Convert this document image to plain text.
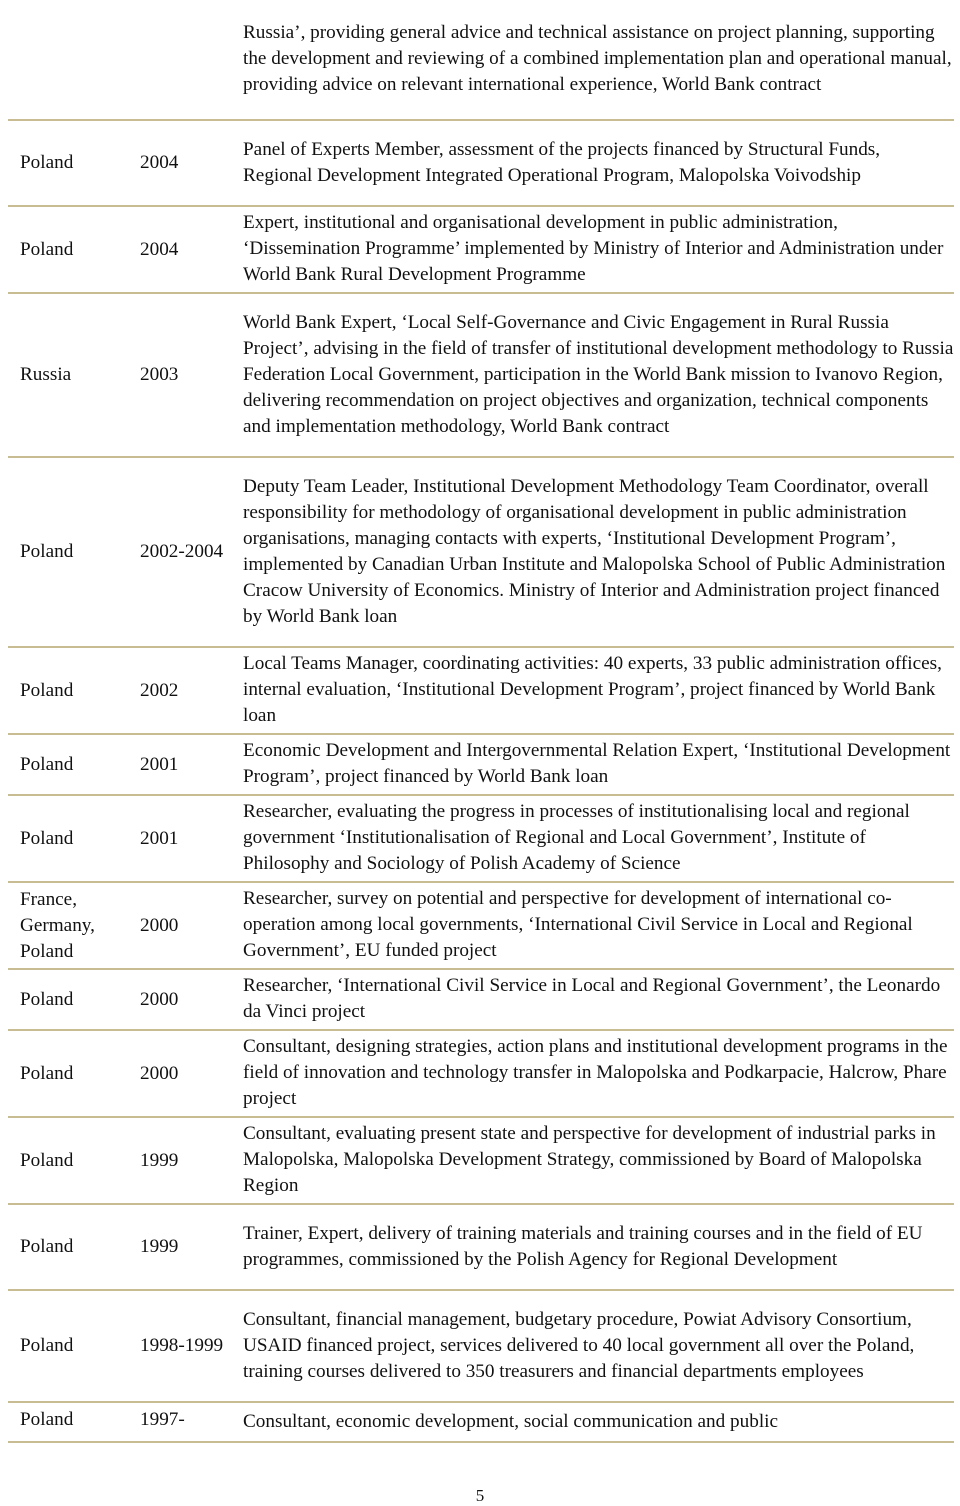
		Russia’, providing general advice and technical assistance on project planning, supporting the development and reviewing of a combined implementation plan and operational manual, providing advice on relevant international experience, World Bank contract
Poland	2004	Panel of Experts Member, assessment of the projects financed by Structural Funds, Regional Development Integrated Operational Program, Malopolska Voivodship
Poland	2004	Expert, institutional and organisational development in public administration, ‘Dissemination Programme’ implemented by Ministry of Interior and Administration under World Bank Rural Development Programme
Russia	2003	World Bank Expert, ‘Local Self-Governance and Civic Engagement in Rural Russia Project’, advising in the field of transfer of institutional development methodology to Russia Federation Local Government, participation in the World Bank mission to Ivanovo Region, delivering recommendation on project objectives and organization, technical components and implementation methodology, World Bank contract
Poland	2002-2004	Deputy Team Leader, Institutional Development Methodology Team Coordinator, overall responsibility for methodology of organisational development in public administration organisations, managing contacts with experts, ‘Institutional Development Program’, implemented by Canadian Urban Institute and Malopolska School of Public Administration Cracow University of Economics. Ministry of Interior and Administration project financed by World Bank loan
Poland	2002	Local Teams Manager, coordinating activities: 40 experts, 33 public administration offices, internal evaluation, ‘Institutional Development Program’, project financed by World Bank loan
Poland	2001	Economic Development and Intergovernmental Relation Expert, ‘Institutional Development Program’, project financed by World Bank loan
Poland	2001	Researcher, evaluating the progress in processes of institutionalising local and regional government ‘Institutionalisation of Regional and Local Government’, Institute of Philosophy and Sociology of Polish Academy of Science
France, Germany, Poland	2000	Researcher, survey on potential and perspective for development of international co-operation among local governments, ‘International Civil Service in Local and Regional Government’, EU funded project
Poland	2000	Researcher, ‘International Civil Service in Local and Regional Government’, the Leonardo da Vinci project
Poland	2000	Consultant, designing strategies, action plans and institutional development programs in the field of innovation and technology transfer in Malopolska and Podkarpacie, Halcrow, Phare project
Poland	1999	Consultant, evaluating present state and perspective for development of industrial parks in Malopolska, Malopolska Development Strategy, commissioned by Board of Malopolska Region
Poland	1999	Trainer, Expert, delivery of training materials and training courses and in the field of EU programmes, commissioned by the Polish Agency for Regional Development
Poland	1998-1999	Consultant, financial management, budgetary procedure, Powiat Advisory Consortium, USAID financed project, services delivered to 40 local government all over the Poland, training courses delivered to 350 treasurers and financial departments employees
Poland	1997-	Consultant, economic development, social communication and public
5
